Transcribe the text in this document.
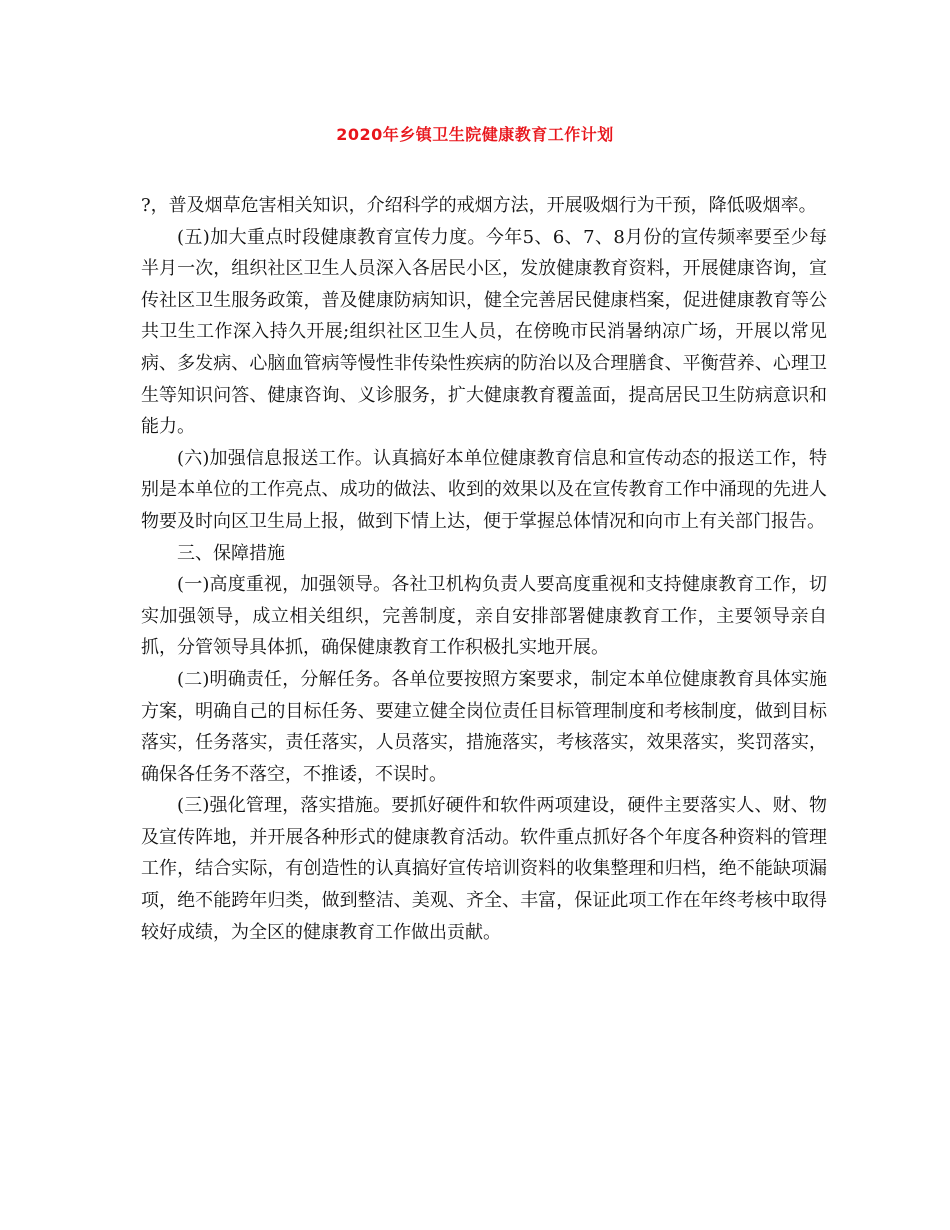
2020年乡镇卫生院健康教育工作计划

?，普及烟草危害相关知识，介绍科学的戒烟方法，开展吸烟行为干预，降低吸烟率。

(五)加大重点时段健康教育宣传力度。今年5、6、7、8月份的宣传频率要至少每半月一次，组织社区卫生人员深入各居民小区，发放健康教育资料，开展健康咨询，宣传社区卫生服务政策，普及健康防病知识，健全完善居民健康档案，促进健康教育等公共卫生工作深入持久开展;组织社区卫生人员，在傍晚市民消暑纳凉广场，开展以常见病、多发病、心脑血管病等慢性非传染性疾病的防治以及合理膳食、平衡营养、心理卫生等知识问答、健康咨询、义诊服务，扩大健康教育覆盖面，提高居民卫生防病意识和能力。

(六)加强信息报送工作。认真搞好本单位健康教育信息和宣传动态的报送工作，特别是本单位的工作亮点、成功的做法、收到的效果以及在宣传教育工作中涌现的先进人物要及时向区卫生局上报，做到下情上达，便于掌握总体情况和向市上有关部门报告。

三、保障措施

(一)高度重视，加强领导。各社卫机构负责人要高度重视和支持健康教育工作，切实加强领导，成立相关组织，完善制度，亲自安排部署健康教育工作，主要领导亲自抓，分管领导具体抓，确保健康教育工作积极扎实地开展。

(二)明确责任，分解任务。各单位要按照方案要求，制定本单位健康教育具体实施方案，明确自己的目标任务、要建立健全岗位责任目标管理制度和考核制度，做到目标落实，任务落实，责任落实，人员落实，措施落实，考核落实，效果落实，奖罚落实，确保各任务不落空，不推诿，不误时。

(三)强化管理，落实措施。要抓好硬件和软件两项建设，硬件主要落实人、财、物及宣传阵地，并开展各种形式的健康教育活动。软件重点抓好各个年度各种资料的管理工作，结合实际，有创造性的认真搞好宣传培训资料的收集整理和归档，绝不能缺项漏项，绝不能跨年归类，做到整洁、美观、齐全、丰富，保证此项工作在年终考核中取得较好成绩，为全区的健康教育工作做出贡献。
